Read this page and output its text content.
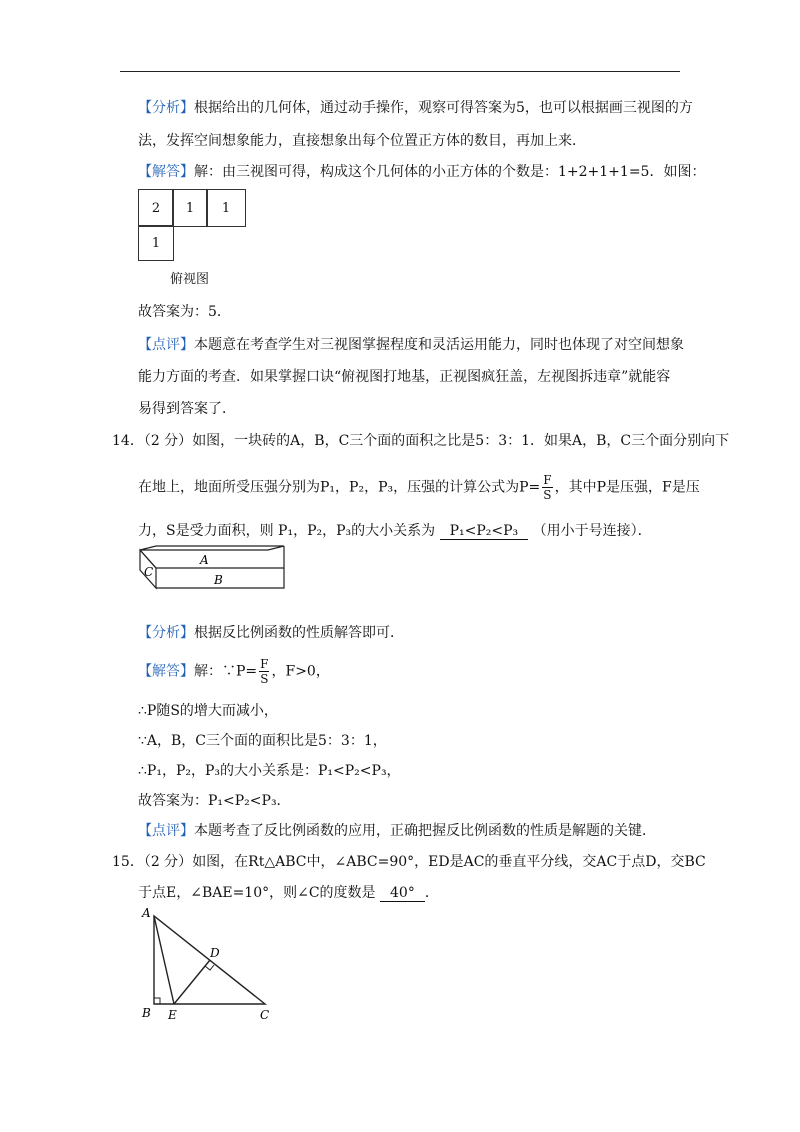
【分析】根据给出的几何体，通过动手操作，观察可得答案为5，也可以根据画三视图的方
法，发挥空间想象能力，直接想象出每个位置正方体的数目，再加上来．
【解答】解：由三视图可得，构成这个几何体的小正方体的个数是：1+2+1+1=5．如图：
2	1	1
1
俯视图
故答案为：5．
【点评】本题意在考查学生对三视图掌握程度和灵活运用能力，同时也体现了对空间想象
能力方面的考查．如果掌握口诀“俯视图打地基，正视图疯狂盖，左视图拆违章”就能容
易得到答案了．
14．（2 分）如图，一块砖的A，B，C三个面的面积之比是5：3：1．如果A，B，C三个面分别向下
在地上，地面所受压强分别为P₁，P₂，P₃，压强的计算公式为$P= \frac{F}{S}$ ，其中P是压强，F是压
力，S是受力面积，则 P₁，P₂，P₃的大小关系为 P₁<P₂<P₃ （用小于号连接）．
A
B
C
【分析】根据反比例函数的性质解答即可．
【解答】解：∵P= $\frac{F}{S}$ ，F>0，
∴P随S的增大而减小，
∵A，B，C三个面的面积比是5：3：1，
∴P₁，P₂，P₃的大小关系是：P₁<P₂<P₃，
故答案为：P₁<P₂<P₃．
【点评】本题考查了反比例函数的应用，正确把握反比例函数的性质是解题的关键．
15．（2 分）如图，在Rt△ABC中，∠ABC=90°，ED是AC的垂直平分线，交AC于点D，交BC
于点E，∠BAE=10°，则∠C的度数是 40° ．
A
B	C
D
E
